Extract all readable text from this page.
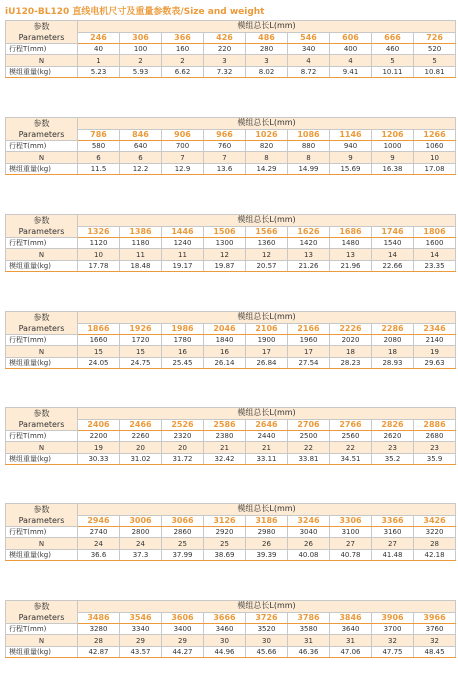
iU120-BL120 直线电机尺寸及重量参数表/Size and weight
参数
Parameters	模组总长L(mm)								
	246	306	366	426	486	546	606	666	726
行程T(mm)	40	100	160	220	280	340	400	460	520
N	1	2	2	3	3	4	4	5	5
模组重量(kg)	5.23	5.93	6.62	7.32	8.02	8.72	9.41	10.11	10.81
参数
Parameters	模组总长L(mm)								
	786	846	906	966	1026	1086	1146	1206	1266
行程T(mm)	580	640	700	760	820	880	940	1000	1060
N	6	6	7	7	8	8	9	9	10
模组重量(kg)	11.5	12.2	12.9	13.6	14.29	14.99	15.69	16.38	17.08
参数
Parameters	模组总长L(mm)								
	1326	1386	1446	1506	1566	1626	1686	1746	1806
行程T(mm)	1120	1180	1240	1300	1360	1420	1480	1540	1600
N	10	11	11	12	12	13	13	14	14
模组重量(kg)	17.78	18.48	19.17	19.87	20.57	21.26	21.96	22.66	23.35
参数
Parameters	模组总长L(mm)								
	1866	1926	1986	2046	2106	2166	2226	2286	2346
行程T(mm)	1660	1720	1780	1840	1900	1960	2020	2080	2140
N	15	15	16	16	17	17	18	18	19
模组重量(kg)	24.05	24.75	25.45	26.14	26.84	27.54	28.23	28.93	29.63
参数
Parameters	模组总长L(mm)								
	2406	2466	2526	2586	2646	2706	2766	2826	2886
行程T(mm)	2200	2260	2320	2380	2440	2500	2560	2620	2680
N	19	20	20	21	21	22	22	23	23
模组重量(kg)	30.33	31.02	31.72	32.42	33.11	33.81	34.51	35.2	35.9
参数
Parameters	模组总长L(mm)								
	2946	3006	3066	3126	3186	3246	3306	3366	3426
行程T(mm)	2740	2800	2860	2920	2980	3040	3100	3160	3220
N	24	24	25	25	26	26	27	27	28
模组重量(kg)	36.6	37.3	37.99	38.69	39.39	40.08	40.78	41.48	42.18
参数
Parameters	模组总长L(mm)								
	3486	3546	3606	3666	3726	3786	3846	3906	3966
行程T(mm)	3280	3340	3400	3460	3520	3580	3640	3700	3760
N	28	29	29	30	30	31	31	32	32
模组重量(kg)	42.87	43.57	44.27	44.96	45.66	46.36	47.06	47.75	48.45
